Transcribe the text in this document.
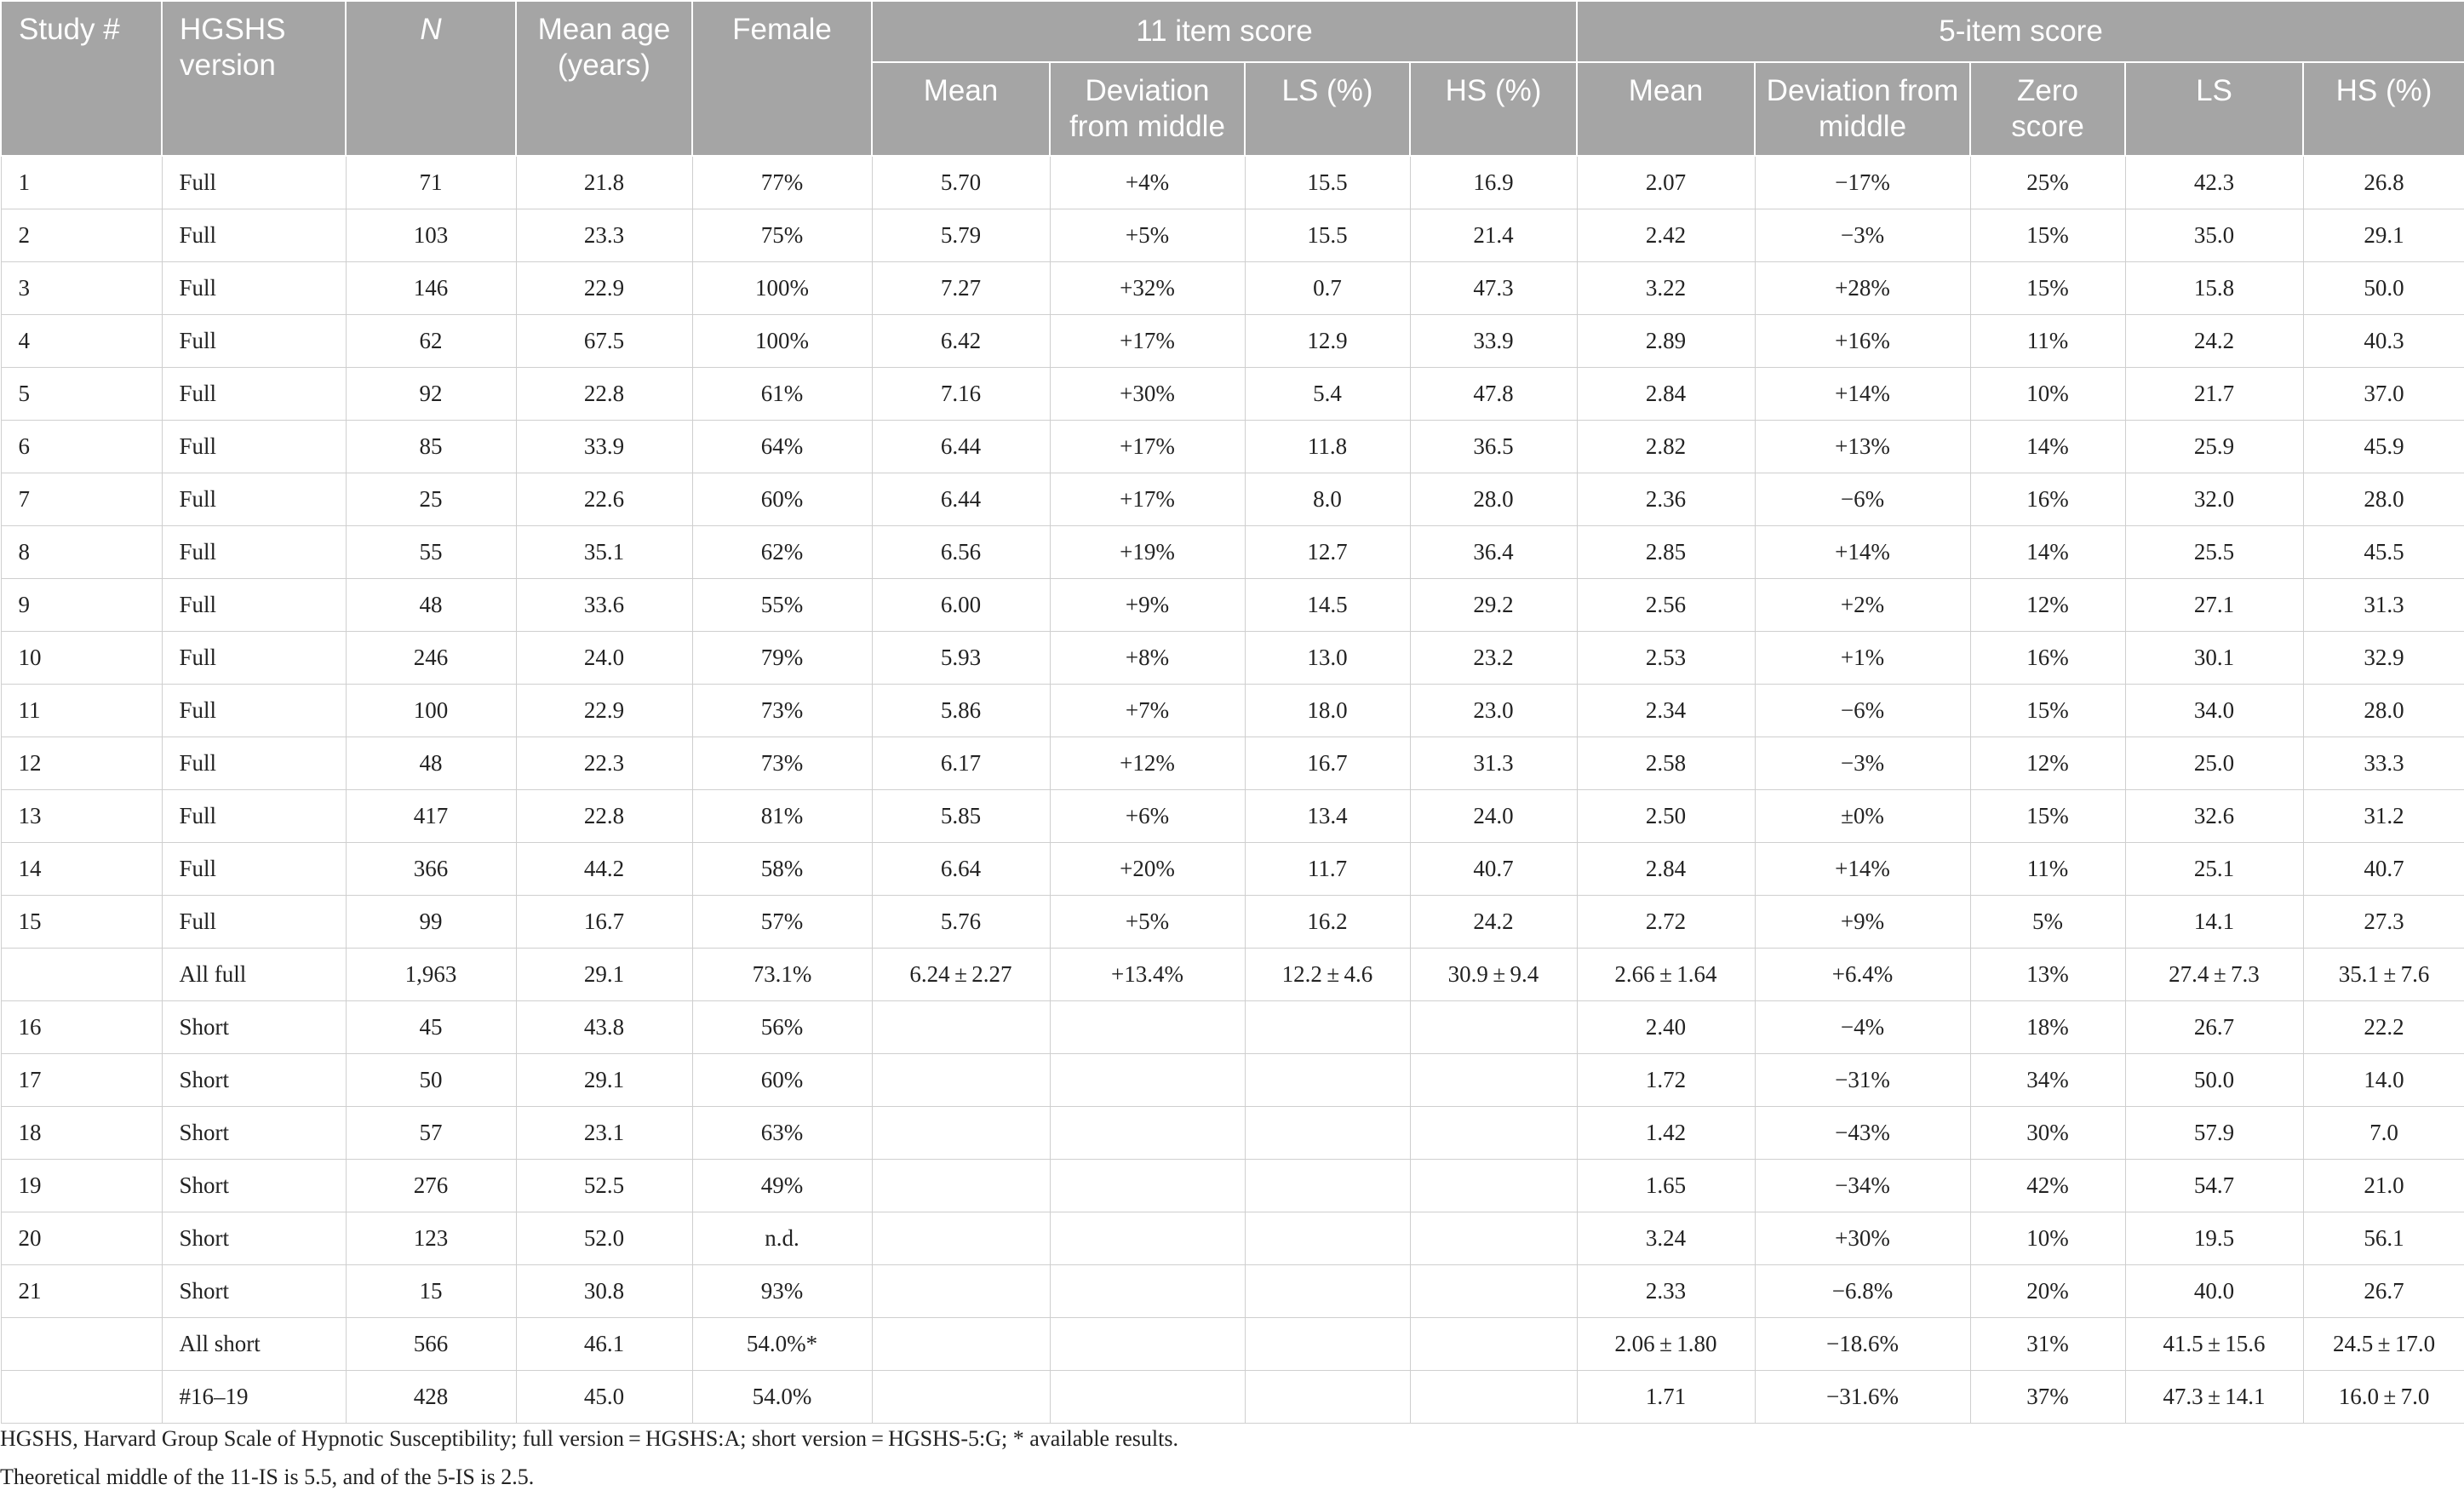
Study #	HGSHS version	N	Mean age (years)	Female	11 item score				5-item score				
					Mean	Deviation from middle	LS (%)	HS (%)	Mean	Deviation from middle	Zero score	LS	HS (%)
1	Full	71	21.8	77%	5.70	+4%	15.5	16.9	2.07	−17%	25%	42.3	26.8
2	Full	103	23.3	75%	5.79	+5%	15.5	21.4	2.42	−3%	15%	35.0	29.1
3	Full	146	22.9	100%	7.27	+32%	0.7	47.3	3.22	+28%	15%	15.8	50.0
4	Full	62	67.5	100%	6.42	+17%	12.9	33.9	2.89	+16%	11%	24.2	40.3
5	Full	92	22.8	61%	7.16	+30%	5.4	47.8	2.84	+14%	10%	21.7	37.0
6	Full	85	33.9	64%	6.44	+17%	11.8	36.5	2.82	+13%	14%	25.9	45.9
7	Full	25	22.6	60%	6.44	+17%	8.0	28.0	2.36	−6%	16%	32.0	28.0
8	Full	55	35.1	62%	6.56	+19%	12.7	36.4	2.85	+14%	14%	25.5	45.5
9	Full	48	33.6	55%	6.00	+9%	14.5	29.2	2.56	+2%	12%	27.1	31.3
10	Full	246	24.0	79%	5.93	+8%	13.0	23.2	2.53	+1%	16%	30.1	32.9
11	Full	100	22.9	73%	5.86	+7%	18.0	23.0	2.34	−6%	15%	34.0	28.0
12	Full	48	22.3	73%	6.17	+12%	16.7	31.3	2.58	−3%	12%	25.0	33.3
13	Full	417	22.8	81%	5.85	+6%	13.4	24.0	2.50	±0%	15%	32.6	31.2
14	Full	366	44.2	58%	6.64	+20%	11.7	40.7	2.84	+14%	11%	25.1	40.7
15	Full	99	16.7	57%	5.76	+5%	16.2	24.2	2.72	+9%	5%	14.1	27.3
	All full	1,963	29.1	73.1%	6.24 ± 2.27	+13.4%	12.2 ± 4.6	30.9 ± 9.4	2.66 ± 1.64	+6.4%	13%	27.4 ± 7.3	35.1 ± 7.6
16	Short	45	43.8	56%					2.40	−4%	18%	26.7	22.2
17	Short	50	29.1	60%					1.72	−31%	34%	50.0	14.0
18	Short	57	23.1	63%					1.42	−43%	30%	57.9	7.0
19	Short	276	52.5	49%					1.65	−34%	42%	54.7	21.0
20	Short	123	52.0	n.d.					3.24	+30%	10%	19.5	56.1
21	Short	15	30.8	93%					2.33	−6.8%	20%	40.0	26.7
	All short	566	46.1	54.0%*					2.06 ± 1.80	−18.6%	31%	41.5 ± 15.6	24.5 ± 17.0
	#16–19	428	45.0	54.0%					1.71	−31.6%	37%	47.3 ± 14.1	16.0 ± 7.0

HGSHS, Harvard Group Scale of Hypnotic Susceptibility; full version = HGSHS:A; short version = HGSHS-5:G; * available results.

Theoretical middle of the 11-IS is 5.5, and of the 5-IS is 2.5.
